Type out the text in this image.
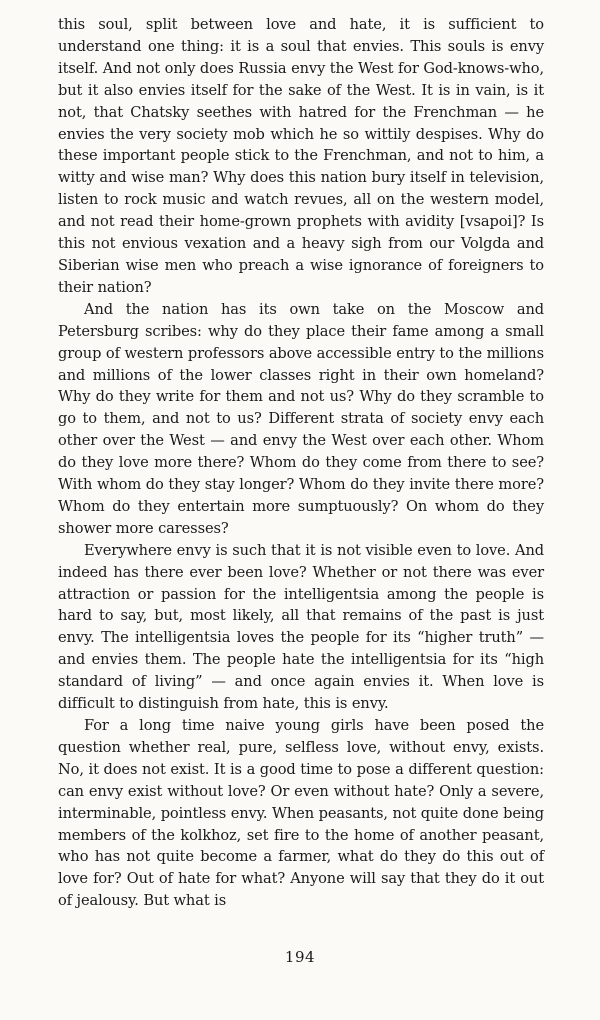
this soul, split between love and hate, it is sufficient to understand one thing: it is a soul that envies. This souls is envy itself. And not only does Russia envy the West for God-knows-who, but it also envies itself for the sake of the West. It is in vain, is it not, that Chatsky seethes with hatred for the Frenchman — he envies the very society mob which he so wittily despises. Why do these important people stick to the Frenchman, and not to him, a witty and wise man? Why does this nation bury itself in television, listen to rock music and watch revues, all on the western model, and not read their home-grown prophets with avidity [vsapoi]? Is this not envious vexation and a heavy sigh from our Volgda and Siberian wise men who preach a wise ignorance of foreigners to their nation?

And the nation has its own take on the Moscow and Petersburg scribes: why do they place their fame among a small group of western professors above accessible entry to the millions and millions of the lower classes right in their own homeland? Why do they write for them and not us? Why do they scramble to go to them, and not to us? Different strata of society envy each other over the West — and envy the West over each other. Whom do they love more there? Whom do they come from there to see? With whom do they stay longer? Whom do they invite there more? Whom do they entertain more sumptuously? On whom do they shower more caresses?

Everywhere envy is such that it is not visible even to love. And indeed has there ever been love? Whether or not there was ever attraction or passion for the intelligentsia among the people is hard to say, but, most likely, all that remains of the past is just envy. The intelligentsia loves the people for its “higher truth” — and envies them. The people hate the intelligentsia for its “high standard of living” — and once again envies it. When love is difficult to distinguish from hate, this is envy.

For a long time naive young girls have been posed the question whether real, pure, selfless love, without envy, exists. No, it does not exist. It is a good time to pose a different question: can envy exist without love? Or even without hate? Only a severe, interminable, pointless envy. When peasants, not quite done being members of the kolkhoz, set fire to the home of another peasant, who has not quite become a farmer, what do they do this out of love for? Out of hate for what? Anyone will say that they do it out of jealousy. But what is

194
